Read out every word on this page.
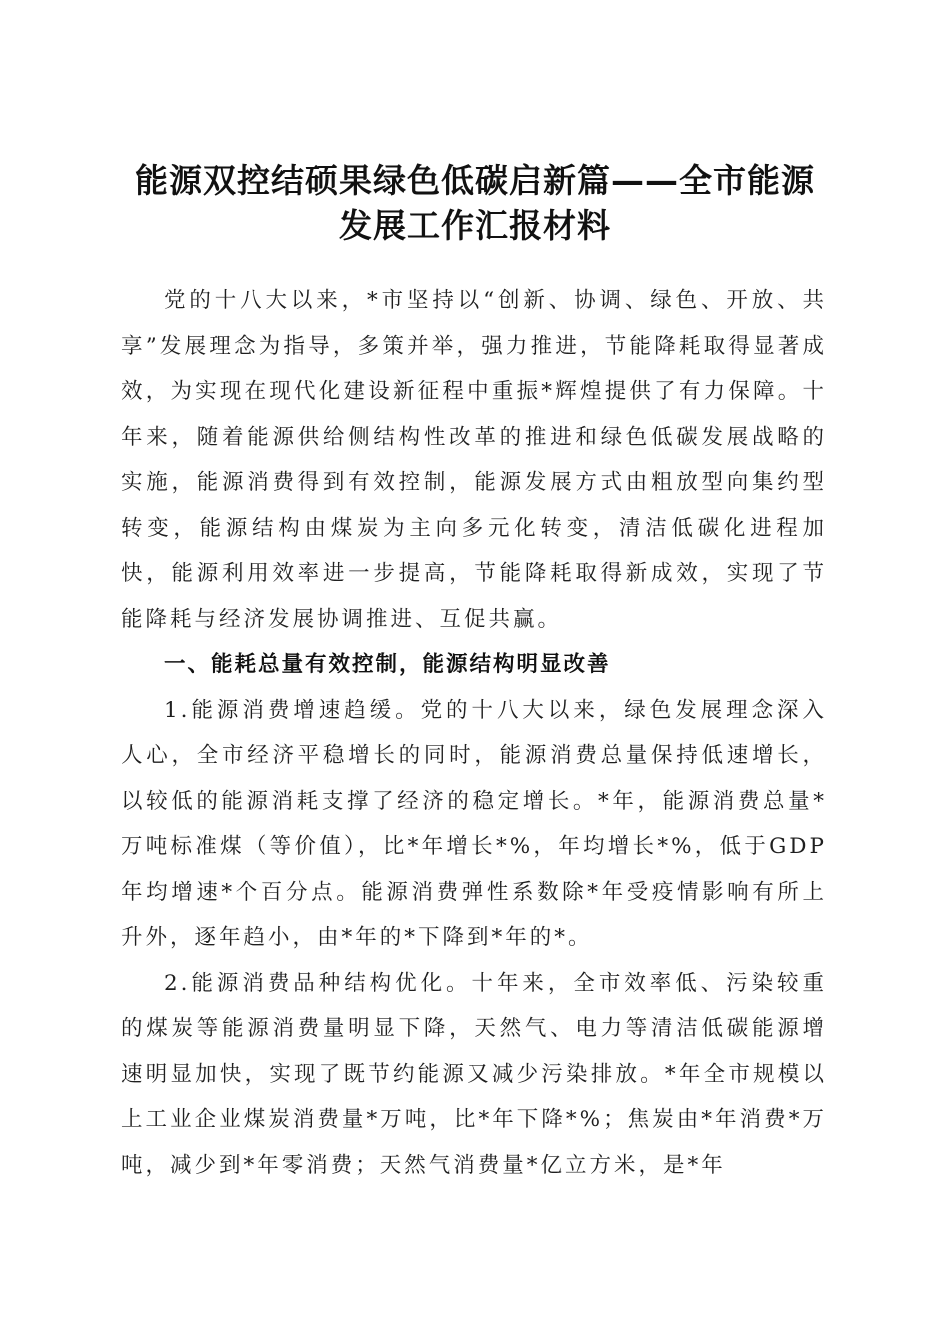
能源双控结硕果绿色低碳启新篇——全市能源
发展工作汇报材料

党的十八大以来，*市坚持以“创新、协调、绿色、开放、共享”发展理念为指导，多策并举，强力推进，节能降耗取得显著成效，为实现在现代化建设新征程中重振*辉煌提供了有力保障。十年来，随着能源供给侧结构性改革的推进和绿色低碳发展战略的实施，能源消费得到有效控制，能源发展方式由粗放型向集约型转变，能源结构由煤炭为主向多元化转变，清洁低碳化进程加快，能源利用效率进一步提高，节能降耗取得新成效，实现了节能降耗与经济发展协调推进、互促共赢。

一、能耗总量有效控制，能源结构明显改善

1.能源消费增速趋缓。党的十八大以来，绿色发展理念深入人心，全市经济平稳增长的同时，能源消费总量保持低速增长，以较低的能源消耗支撑了经济的稳定增长。*年，能源消费总量*万吨标准煤（等价值），比*年增长*%，年均增长*%，低于GDP年均增速*个百分点。能源消费弹性系数除*年受疫情影响有所上升外，逐年趋小，由*年的*下降到*年的*。

2.能源消费品种结构优化。十年来，全市效率低、污染较重的煤炭等能源消费量明显下降，天然气、电力等清洁低碳能源增速明显加快，实现了既节约能源又减少污染排放。*年全市规模以上工业企业煤炭消费量*万吨，比*年下降*%；焦炭由*年消费*万吨，减少到*年零消费；天然气消费量*亿立方米，是*年
